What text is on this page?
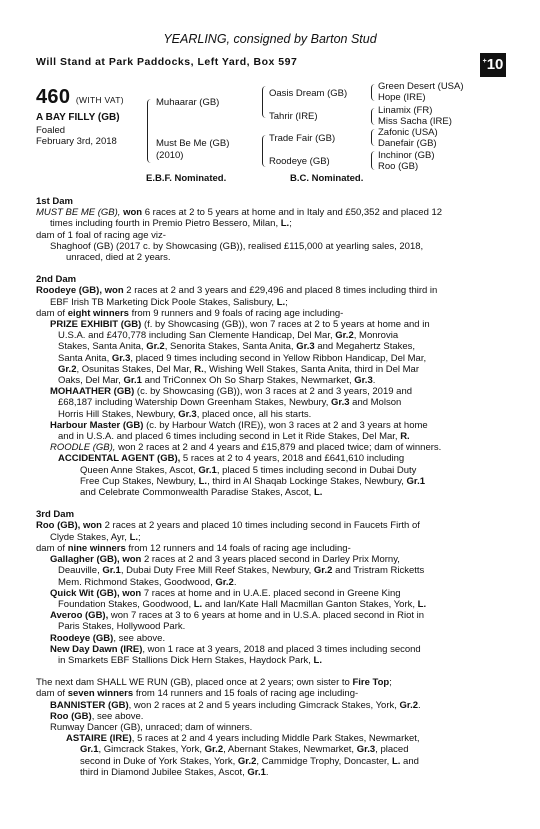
YEARLING, consigned by Barton Stud
Will Stand at Park Paddocks, Left Yard, Box 597	+10
460 (WITH VAT)
A BAY FILLY (GB)
Foaled
February 3rd, 2018
Muhaarar (GB)
Must Be Me (GB)
(2010)
Oasis Dream (GB)
Tahrir (IRE)
Trade Fair (GB)
Roodeye (GB)
Green Desert (USA)
Hope (IRE)
Linamix (FR)
Miss Sacha (IRE)
Zafonic (USA)
Danefair (GB)
Inchinor (GB)
Roo (GB)
E.B.F. Nominated.	B.C. Nominated.
1st Dam
MUST BE ME (GB), won 6 races at 2 to 5 years at home and in Italy and £50,352 and placed 12
times including fourth in Premio Pietro Bessero, Milan, L.;
dam of 1 foal of racing age viz-
Shaghoof (GB) (2017 c. by Showcasing (GB)), realised £115,000 at yearling sales, 2018,
unraced, died at 2 years.
2nd Dam
Roodeye (GB), won 2 races at 2 and 3 years and £29,496 and placed 8 times including third in
EBF Irish TB Marketing Dick Poole Stakes, Salisbury, L.;
dam of eight winners from 9 runners and 9 foals of racing age including-
PRIZE EXHIBIT (GB) (f. by Showcasing (GB)), won 7 races at 2 to 5 years at home and in
U.S.A. and £470,778 including San Clemente Handicap, Del Mar, Gr.2, Monrovia
Stakes, Santa Anita, Gr.2, Senorita Stakes, Santa Anita, Gr.3 and Megahertz Stakes,
Santa Anita, Gr.3, placed 9 times including second in Yellow Ribbon Handicap, Del Mar,
Gr.2, Osunitas Stakes, Del Mar, R., Wishing Well Stakes, Santa Anita, third in Del Mar
Oaks, Del Mar, Gr.1 and TriConnex Oh So Sharp Stakes, Newmarket, Gr.3.
MOHAATHER (GB) (c. by Showcasing (GB)), won 3 races at 2 and 3 years, 2019 and
£68,187 including Watership Down Greenham Stakes, Newbury, Gr.3 and Molson
Horris Hill Stakes, Newbury, Gr.3, placed once, all his starts.
Harbour Master (GB) (c. by Harbour Watch (IRE)), won 3 races at 2 and 3 years at home
and in U.S.A. and placed 6 times including second in Let it Ride Stakes, Del Mar, R.
ROODLE (GB), won 2 races at 2 and 4 years and £15,879 and placed twice; dam of winners.
ACCIDENTAL AGENT (GB), 5 races at 2 to 4 years, 2018 and £641,610 including
Queen Anne Stakes, Ascot, Gr.1, placed 5 times including second in Dubai Duty
Free Cup Stakes, Newbury, L., third in Al Shaqab Lockinge Stakes, Newbury, Gr.1
and Celebrate Commonwealth Paradise Stakes, Ascot, L.
3rd Dam
Roo (GB), won 2 races at 2 years and placed 10 times including second in Faucets Firth of
Clyde Stakes, Ayr, L.;
dam of nine winners from 12 runners and 14 foals of racing age including-
Gallagher (GB), won 2 races at 2 and 3 years placed second in Darley Prix Morny,
Deauville, Gr.1, Dubai Duty Free Mill Reef Stakes, Newbury, Gr.2 and Tristram Ricketts
Mem. Richmond Stakes, Goodwood, Gr.2.
Quick Wit (GB), won 7 races at home and in U.A.E. placed second in Greene King
Foundation Stakes, Goodwood, L. and Ian/Kate Hall Macmillan Ganton Stakes, York, L.
Averoo (GB), won 7 races at 3 to 6 years at home and in U.S.A. placed second in Riot in
Paris Stakes, Hollywood Park.
Roodeye (GB), see above.
New Day Dawn (IRE), won 1 race at 3 years, 2018 and placed 3 times including second
in Smarkets EBF Stallions Dick Hern Stakes, Haydock Park, L.
The next dam SHALL WE RUN (GB), placed once at 2 years; own sister to Fire Top;
dam of seven winners from 14 runners and 15 foals of racing age including-
BANNISTER (GB), won 2 races at 2 and 5 years including Gimcrack Stakes, York, Gr.2.
Roo (GB), see above.
Runway Dancer (GB), unraced; dam of winners.
ASTAIRE (IRE), 5 races at 2 and 4 years including Middle Park Stakes, Newmarket,
Gr.1, Gimcrack Stakes, York, Gr.2, Abernant Stakes, Newmarket, Gr.3, placed
second in Duke of York Stakes, York, Gr.2, Cammidge Trophy, Doncaster, L. and
third in Diamond Jubilee Stakes, Ascot, Gr.1.
